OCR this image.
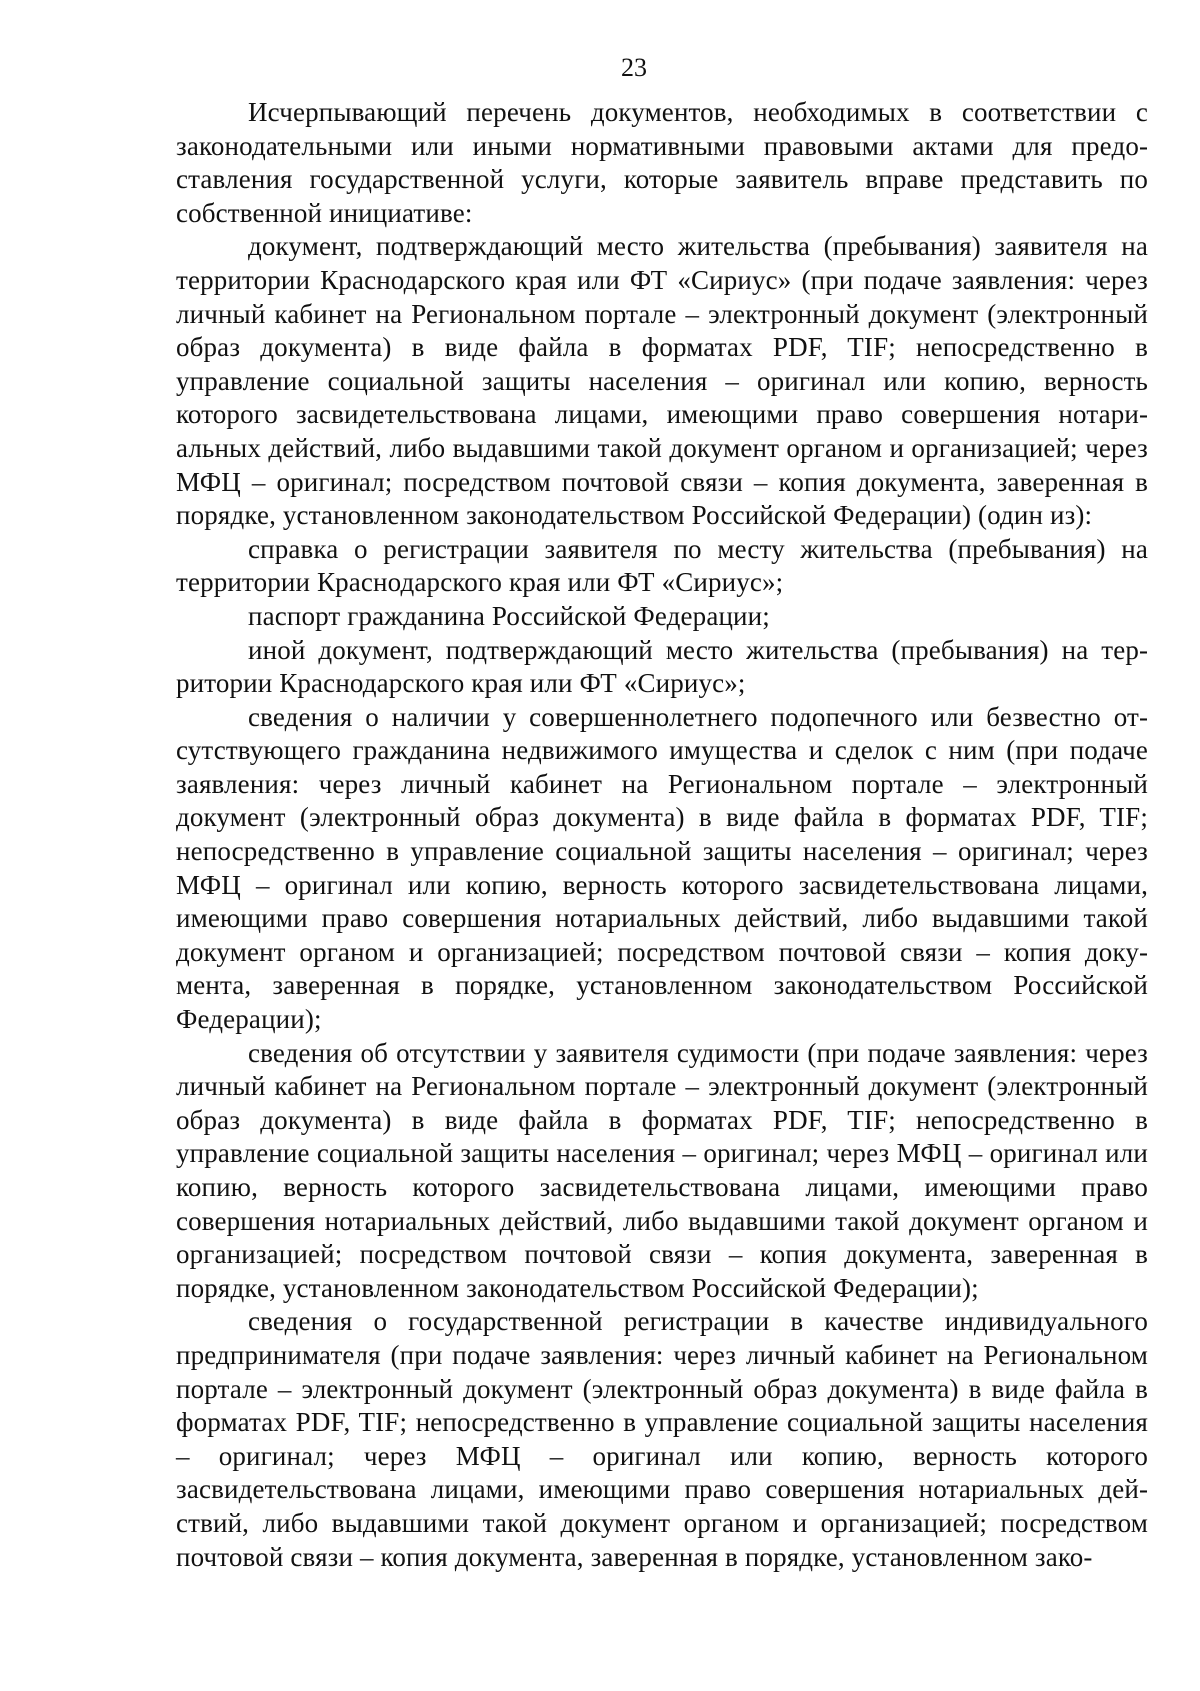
23

Исчерпывающий перечень документов, необходимых в соответствии с законодательными или иными нормативными правовыми актами для предоставления государственной услуги, которые заявитель вправе представить по собственной инициативе:

документ, подтверждающий место жительства (пребывания) заявителя на территории Краснодарского края или ФТ «Сириус» (при подаче заявления: через личный кабинет на Региональном портале – электронный документ (электронный образ документа) в виде файла в форматах PDF, TIF; непосредственно в управление социальной защиты населения – оригинал или копию, верность которого засвидетельствована лицами, имеющими право совершения нотариальных действий, либо выдавшими такой документ органом и организацией; через МФЦ – оригинал; посредством почтовой связи – копия документа, заверенная в порядке, установленном законодательством Российской Федерации) (один из):

справка о регистрации заявителя по месту жительства (пребывания) на территории Краснодарского края или ФТ «Сириус»;

паспорт гражданина Российской Федерации;

иной документ, подтверждающий место жительства (пребывания) на территории Краснодарского края или ФТ «Сириус»;

сведения о наличии у совершеннолетнего подопечного или безвестно отсутствующего гражданина недвижимого имущества и сделок с ним (при подаче заявления: через личный кабинет на Региональном портале – электронный документ (электронный образ документа) в виде файла в форматах PDF, TIF; непосредственно в управление социальной защиты населения – оригинал; через МФЦ – оригинал или копию, верность которого засвидетельствована лицами, имеющими право совершения нотариальных действий, либо выдавшими такой документ органом и организацией; посредством почтовой связи – копия документа, заверенная в порядке, установленном законодательством Российской Федерации);

сведения об отсутствии у заявителя судимости (при подаче заявления: через личный кабинет на Региональном портале – электронный документ (электронный образ документа) в виде файла в форматах PDF, TIF; непосредственно в управление социальной защиты населения – оригинал; через МФЦ – оригинал или копию, верность которого засвидетельствована лицами, имеющими право совершения нотариальных действий, либо выдавшими такой документ органом и организацией; посредством почтовой связи – копия документа, заверенная в порядке, установленном законодательством Российской Федерации);

сведения о государственной регистрации в качестве индивидуального предпринимателя (при подаче заявления: через личный кабинет на Региональном портале – электронный документ (электронный образ документа) в виде файла в форматах PDF, TIF; непосредственно в управление социальной защиты населения – оригинал; через МФЦ – оригинал или копию, верность которого засвидетельствована лицами, имеющими право совершения нотариальных действий, либо выдавшими такой документ органом и организацией; посредством почтовой связи – копия документа, заверенная в порядке, установленном зако-
